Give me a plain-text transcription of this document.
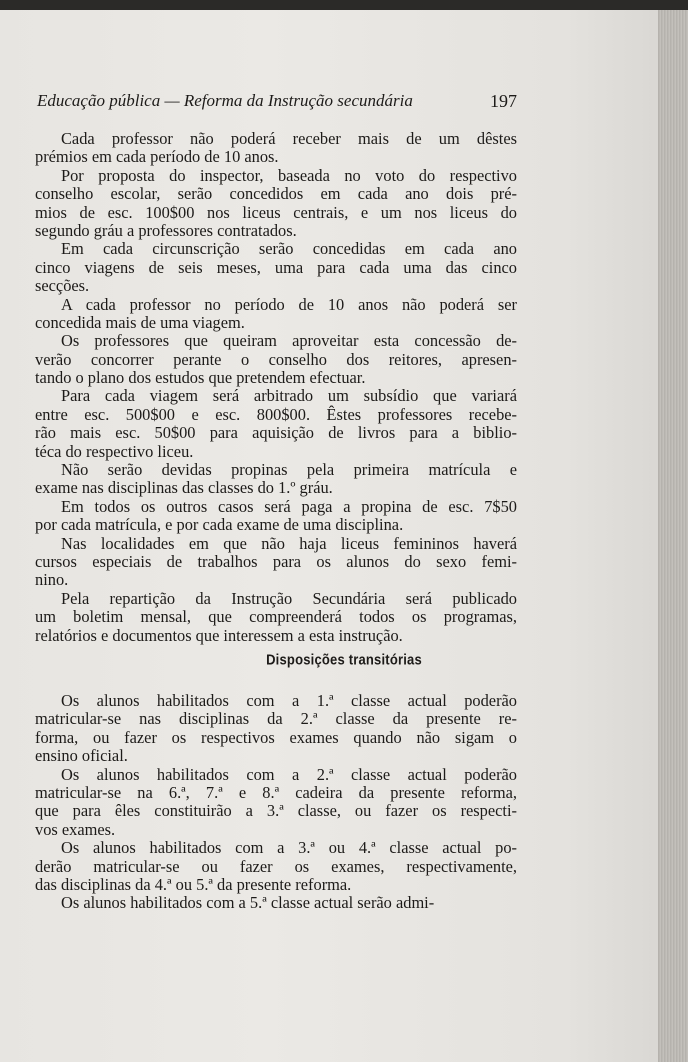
Educação pública — Reforma da Instrução secundária	197
Cada professor não poderá receber mais de um dêstes
prémios em cada período de 10 anos.
Por proposta do inspector, baseada no voto do respectivo
conselho escolar, serão concedidos em cada ano dois pré-
mios de esc. 100$00 nos liceus centrais, e um nos liceus do
segundo gráu a professores contratados.
Em cada circunscrição serão concedidas em cada ano
cinco viagens de seis meses, uma para cada uma das cinco
secções.
A cada professor no período de 10 anos não poderá ser
concedida mais de uma viagem.
Os professores que queiram aproveitar esta concessão de-
verão concorrer perante o conselho dos reitores, apresen-
tando o plano dos estudos que pretendem efectuar.
Para cada viagem será arbitrado um subsídio que variará
entre esc. 500$00 e esc. 800$00. Êstes professores recebe-
rão mais esc. 50$00 para aquisição de livros para a biblio-
téca do respectivo liceu.
Não serão devidas propinas pela primeira matrícula e
exame nas disciplinas das classes do 1.º gráu.
Em todos os outros casos será paga a propina de esc. 7$50
por cada matrícula, e por cada exame de uma disciplina.
Nas localidades em que não haja liceus femininos haverá
cursos especiais de trabalhos para os alunos do sexo femi-
nino.
Pela repartição da Instrução Secundária será publicado
um boletim mensal, que compreenderá todos os programas,
relatórios e documentos que interessem a esta instrução.
Disposições transitórias
Os alunos habilitados com a 1.ª classe actual poderão
matricular-se nas disciplinas da 2.ª classe da presente re-
forma, ou fazer os respectivos exames quando não sigam o
ensino oficial.
Os alunos habilitados com a 2.ª classe actual poderão
matricular-se na 6.ª, 7.ª e 8.ª cadeira da presente reforma,
que para êles constituirão a 3.ª classe, ou fazer os respecti-
vos exames.
Os alunos habilitados com a 3.ª ou 4.ª classe actual po-
derão matricular-se ou fazer os exames, respectivamente,
das disciplinas da 4.ª ou 5.ª da presente reforma.
Os alunos habilitados com a 5.ª classe actual serão admi-
